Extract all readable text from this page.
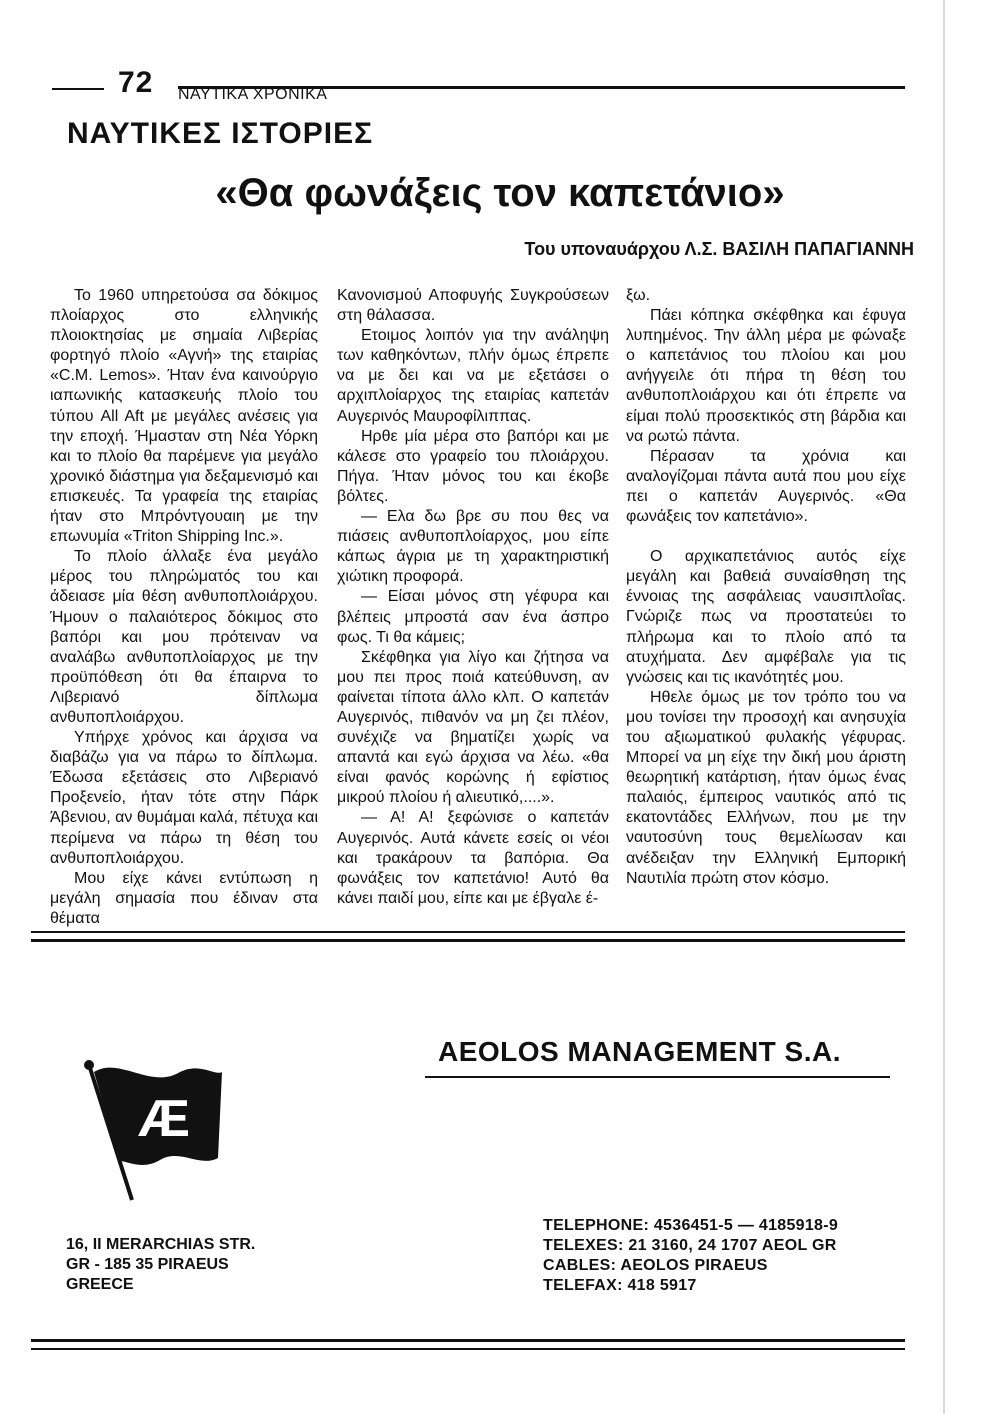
72 ΝΑΥΤΙΚΑ ΧΡΟΝΙΚΑ
ΝΑΥΤΙΚΕΣ ΙΣΤΟΡΙΕΣ
«Θα φωνάξεις τον καπετάνιο»
Του υποναυάρχου Λ.Σ. ΒΑΣΙΛΗ ΠΑΠΑΓΙΑΝΝΗ

Το 1960 υπηρετούσα σα δόκιμος πλοίαρχος στο ελληνικής πλοιοκτησίας με σημαία Λιβερίας φορτηγό πλοίο «Αγνή» της εταιρίας «C.M. Lemos». Ήταν ένα καινούργιο ιαπωνικής κατασκευής πλοίο του τύπου All Aft με μεγάλες ανέσεις για την εποχή. Ήμασταν στη Νέα Υόρκη και το πλοίο θα παρέμενε για μεγάλο χρονικό διάστημα για δεξαμενισμό και επισκευές. Τα γραφεία της εταιρίας ήταν στο Μπρόντγουαιη με την επωνυμία «Triton Shipping Inc.».

Το πλοίο άλλαξε ένα μεγάλο μέρος του πληρώματός του και άδειασε μία θέση ανθυποπλοιάρχου. Ήμουν ο παλαιότερος δόκιμος στο βαπόρι και μου πρότειναν να αναλάβω ανθυποπλοίαρχος με την προϋπόθεση ότι θα έπαιρνα το Λιβεριανό δίπλωμα ανθυποπλοιάρχου.

Υπήρχε χρόνος και άρχισα να διαβάζω για να πάρω το δίπλωμα. Έδωσα εξετάσεις στο Λιβεριανό Προξενείο, ήταν τότε στην Πάρκ Άβενιου, αν θυμάμαι καλά, πέτυχα και περίμενα να πάρω τη θέση του ανθυποπλοιάρχου.

Μου είχε κάνει εντύπωση η μεγάλη σημασία που έδιναν στα θέματα

Κανονισμού Αποφυγής Συγκρούσεων στη θάλασσα.

Ετοιμος λοιπόν για την ανάληψη των καθηκόντων, πλήν όμως έπρεπε να με δει και να με εξετάσει ο αρχιπλοίαρχος της εταιρίας καπετάν Αυγερινός Μαυροφίλιππας.

Ηρθε μία μέρα στο βαπόρι και με κάλεσε στο γραφείο του πλοιάρχου. Πήγα. Ήταν μόνος του και έκοβε βόλτες.

— Ελα δω βρε συ που θες να πιάσεις ανθυποπλοίαρχος, μου είπε κάπως άγρια με τη χαρακτηριστική χιώτικη προφορά.

— Είσαι μόνος στη γέφυρα και βλέπεις μπροστά σαν ένα άσπρο φως. Τι θα κάμεις;

Σκέφθηκα για λίγο και ζήτησα να μου πει προς ποιά κατεύθυνση, αν φαίνεται τίποτα άλλο κλπ. Ο καπετάν Αυγερινός, πιθανόν να μη ζει πλέον, συνέχιζε να βηματίζει χωρίς να απαντά και εγώ άρχισα να λέω. «θα είναι φανός κορώνης ή εφίστιος μικρού πλοίου ή αλιευτικό,....».

— Α! Α! ξεφώνισε ο καπετάν Αυγερινός. Αυτά κάνετε εσείς οι νέοι και τρακάρουν τα βαπόρια. Θα φωνάξεις τον καπετάνιο! Αυτό θα κάνει παιδί μου, είπε και με έβγαλε έ-

ξω.

Πάει κόπηκα σκέφθηκα και έφυγα λυπημένος. Την άλλη μέρα με φώναξε ο καπετάνιος του πλοίου και μου ανήγγειλε ότι πήρα τη θέση του ανθυποπλοιάρχου και ότι έπρεπε να είμαι πολύ προσεκτικός στη βάρδια και να ρωτώ πάντα.

Πέρασαν τα χρόνια και αναλογίζομαι πάντα αυτά που μου είχε πει ο καπετάν Αυγερινός. «Θα φωνάξεις τον καπετάνιο».

Ο αρχικαπετάνιος αυτός είχε μεγάλη και βαθειά συναίσθηση της έννοιας της ασφάλειας ναυσιπλοΐας. Γνώριζε πως να προστατεύει το πλήρωμα και το πλοίο από τα ατυχήματα. Δεν αμφέβαλε για τις γνώσεις και τις ικανότητές μου.

Ηθελε όμως με τον τρόπο του να μου τονίσει την προσοχή και ανησυχία του αξιωματικού φυλακής γέφυρας. Μπορεί να μη είχε την δική μου άριστη θεωρητική κατάρτιση, ήταν όμως ένας παλαιός, έμπειρος ναυτικός από τις εκατοντάδες Ελλήνων, που με την ναυτοσύνη τους θεμελίωσαν και ανέδειξαν την Ελληνική Εμπορική Ναυτιλία πρώτη στον κόσμο.

Æ
AEOLOS MANAGEMENT S.A.
16, II MERARCHIAS STR.
GR - 185 35 PIRAEUS
GREECE
TELEPHONE: 4536451-5 — 4185918-9
TELEXES: 21 3160, 24 1707 AEOL GR
CABLES: AEOLOS PIRAEUS
TELEFAX: 418 5917
